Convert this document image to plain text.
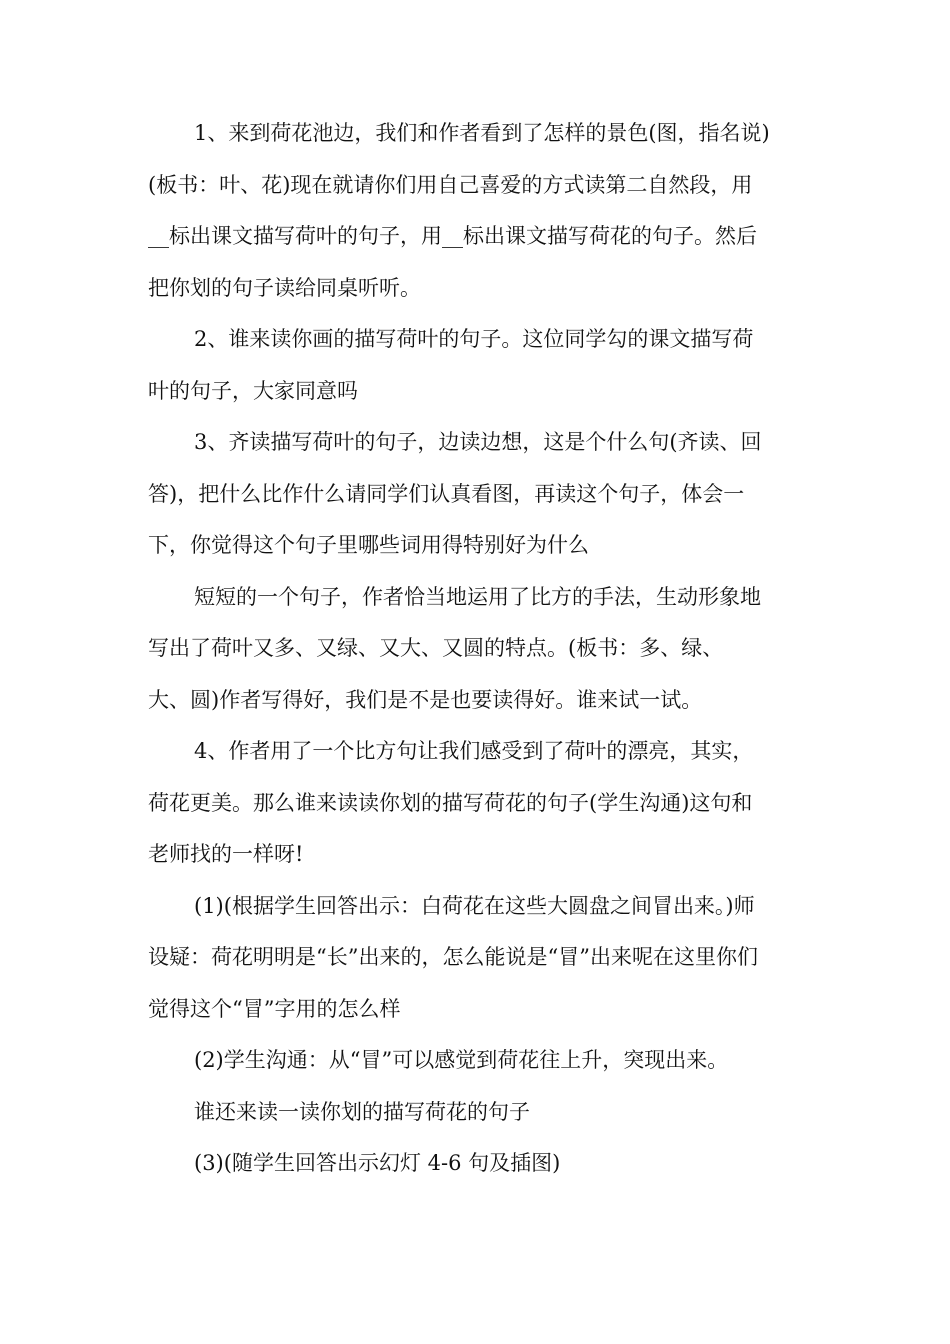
1、来到荷花池边，我们和作者看到了怎样的景色(图，指名说)
(板书：叶、花)现在就请你们用自己喜爱的方式读第二自然段，用
__标出课文描写荷叶的句子，用__标出课文描写荷花的句子。然后
把你划的句子读给同桌听听。
2、谁来读你画的描写荷叶的句子。这位同学勾的课文描写荷
叶的句子，大家同意吗
3、齐读描写荷叶的句子，边读边想，这是个什么句(齐读、回
答)，把什么比作什么请同学们认真看图，再读这个句子，体会一
下，你觉得这个句子里哪些词用得特别好为什么
短短的一个句子，作者恰当地运用了比方的手法，生动形象地
写出了荷叶又多、又绿、又大、又圆的特点。(板书：多、绿、
大、圆)作者写得好，我们是不是也要读得好。谁来试一试。
4、作者用了一个比方句让我们感受到了荷叶的漂亮，其实，
荷花更美。那么谁来读读你划的描写荷花的句子(学生沟通)这句和
老师找的一样呀!
(1)(根据学生回答出示：白荷花在这些大圆盘之间冒出来。)师
设疑：荷花明明是“长”出来的，怎么能说是“冒”出来呢在这里你们
觉得这个“冒”字用的怎么样
(2)学生沟通：从“冒”可以感觉到荷花往上升，突现出来。
谁还来读一读你划的描写荷花的句子
(3)(随学生回答出示幻灯 4-6 句及插图)
